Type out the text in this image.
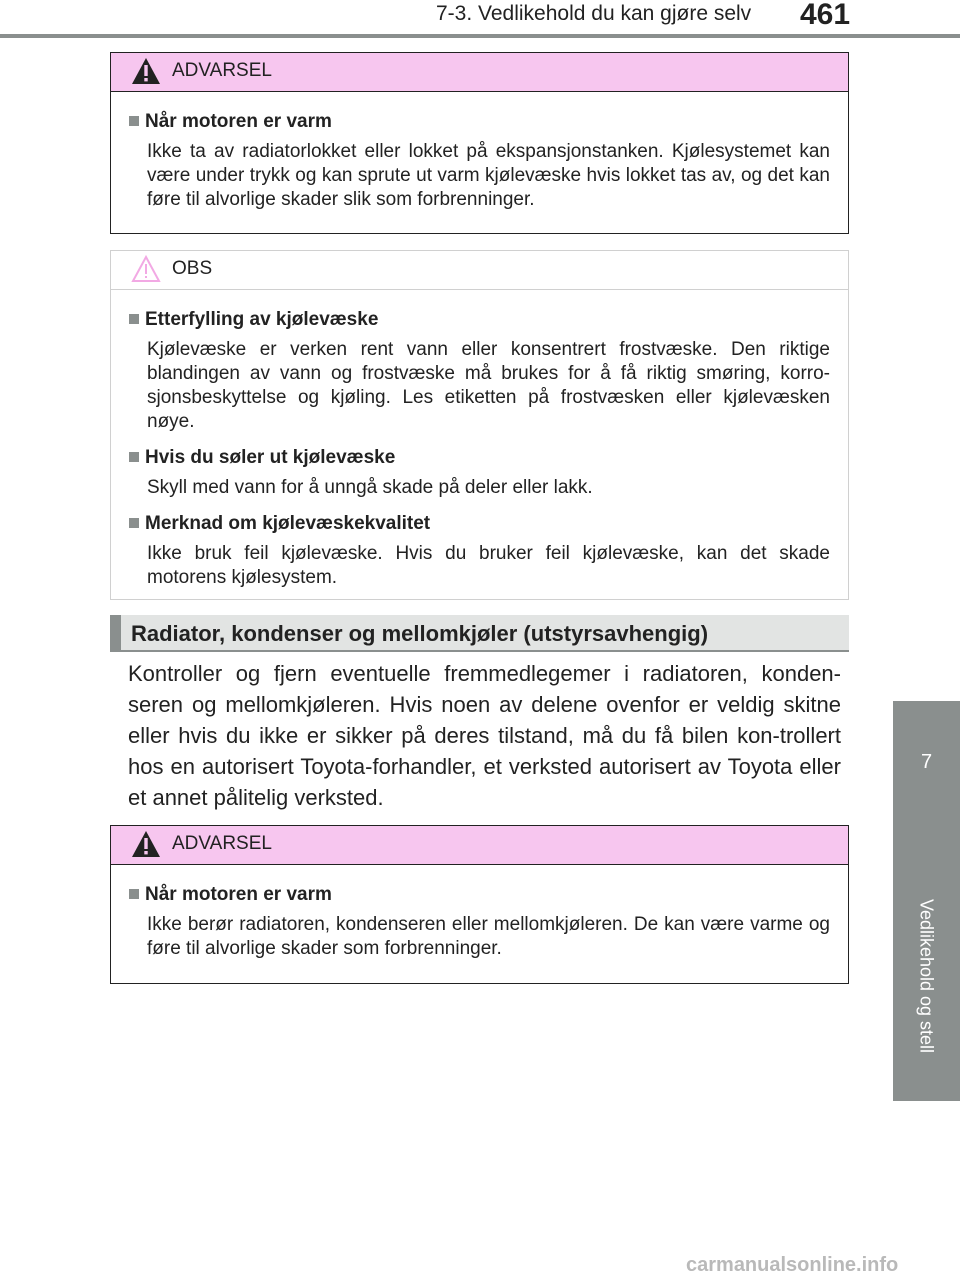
7-3. Vedlikehold du kan gjøre selv 461
7
Vedlikehold og stell
ADVARSEL
Når motoren er varm
Ikke ta av radiatorlokket eller lokket på ekspansjonstanken. Kjølesystemet kan være under trykk og kan sprute ut varm kjølevæske hvis lokket tas av, og det kan føre til alvorlige skader slik som forbrenninger.
OBS
Etterfylling av kjølevæske
Kjølevæske er verken rent vann eller konsentrert frostvæske. Den riktige blandingen av vann og frostvæske må brukes for å få riktig smøring, korro-sjonsbeskyttelse og kjøling. Les etiketten på frostvæsken eller kjølevæsken nøye.
Hvis du søler ut kjølevæske
Skyll med vann for å unngå skade på deler eller lakk.
Merknad om kjølevæskekvalitet
Ikke bruk feil kjølevæske. Hvis du bruker feil kjølevæske, kan det skade motorens kjølesystem.
Radiator, kondenser og mellomkjøler (utstyrsavhengig)
Kontroller og fjern eventuelle fremmedlegemer i radiatoren, konden-seren og mellomkjøleren. Hvis noen av delene ovenfor er veldig skitne eller hvis du ikke er sikker på deres tilstand, må du få bilen kon-trollert hos en autorisert Toyota-forhandler, et verksted autorisert av Toyota eller et annet pålitelig verksted.
ADVARSEL
Når motoren er varm
Ikke berør radiatoren, kondenseren eller mellomkjøleren. De kan være varme og føre til alvorlige skader som forbrenninger.
carmanualsonline.info
